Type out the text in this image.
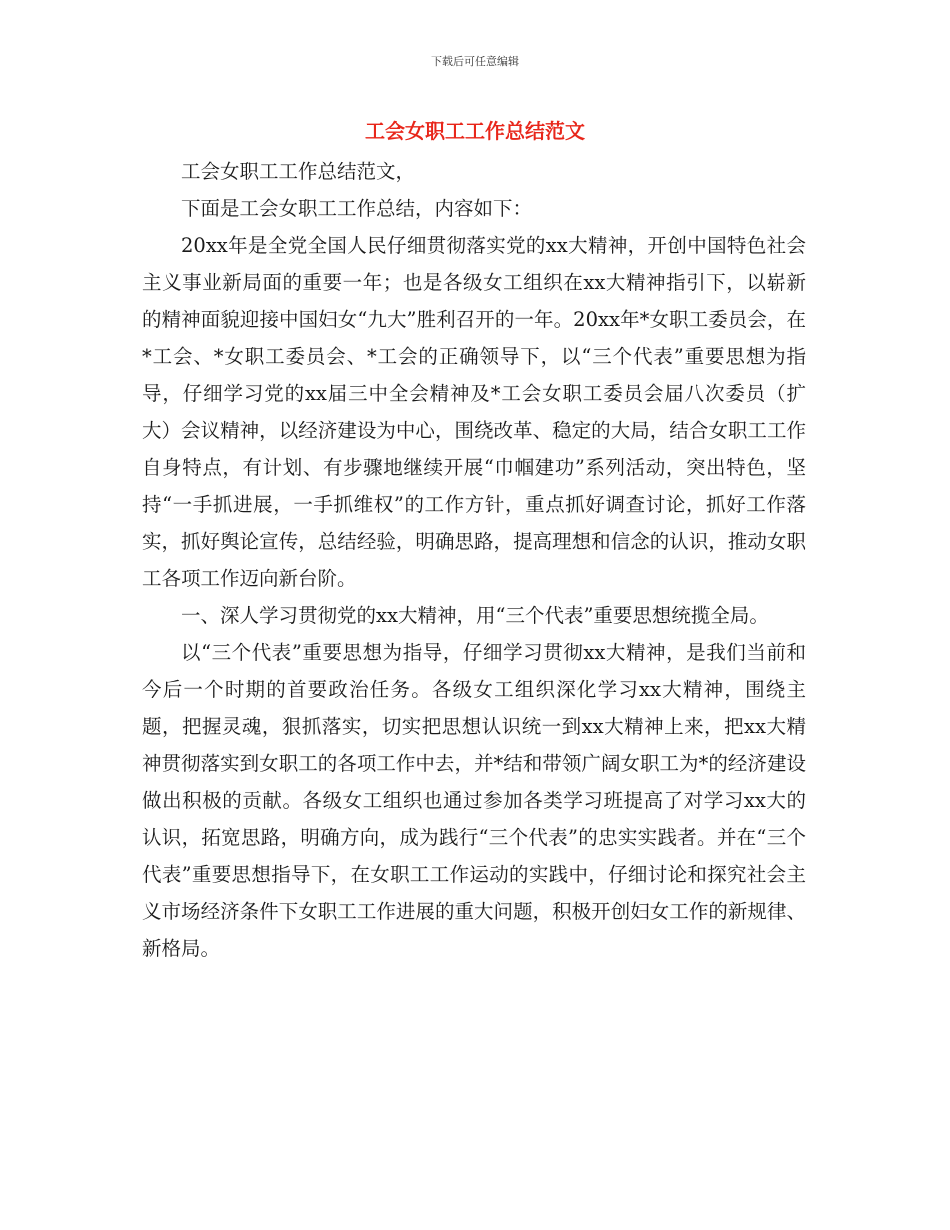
下载后可任意编辑
工会女职工工作总结范文

工会女职工工作总结范文，

下面是工会女职工工作总结，内容如下：

20xx年是全党全国人民仔细贯彻落实党的xx大精神，开创中国特色社会主义事业新局面的重要一年；也是各级女工组织在xx大精神指引下，以崭新的精神面貌迎接中国妇女“九大”胜利召开的一年。20xx年*女职工委员会，在*工会、*女职工委员会、*工会的正确领导下，以“三个代表”重要思想为指导，仔细学习党的xx届三中全会精神及*工会女职工委员会届八次委员（扩大）会议精神，以经济建设为中心，围绕改革、稳定的大局，结合女职工工作自身特点，有计划、有步骤地继续开展“巾帼建功”系列活动，突出特色，坚持“一手抓进展，一手抓维权”的工作方针，重点抓好调查讨论，抓好工作落实，抓好舆论宣传，总结经验，明确思路，提高理想和信念的认识，推动女职工各项工作迈向新台阶。

一、深人学习贯彻党的xx大精神，用“三个代表”重要思想统揽全局。

以“三个代表”重要思想为指导，仔细学习贯彻xx大精神，是我们当前和今后一个时期的首要政治任务。各级女工组织深化学习xx大精神，围绕主题，把握灵魂，狠抓落实，切实把思想认识统一到xx大精神上来，把xx大精神贯彻落实到女职工的各项工作中去，并*结和带领广阔女职工为*的经济建设做出积极的贡献。各级女工组织也通过参加各类学习班提高了对学习xx大的认识，拓宽思路，明确方向，成为践行“三个代表”的忠实实践者。并在“三个代表”重要思想指导下，在女职工工作运动的实践中，仔细讨论和探究社会主义市场经济条件下女职工工作进展的重大问题，积极开创妇女工作的新规律、新格局。
